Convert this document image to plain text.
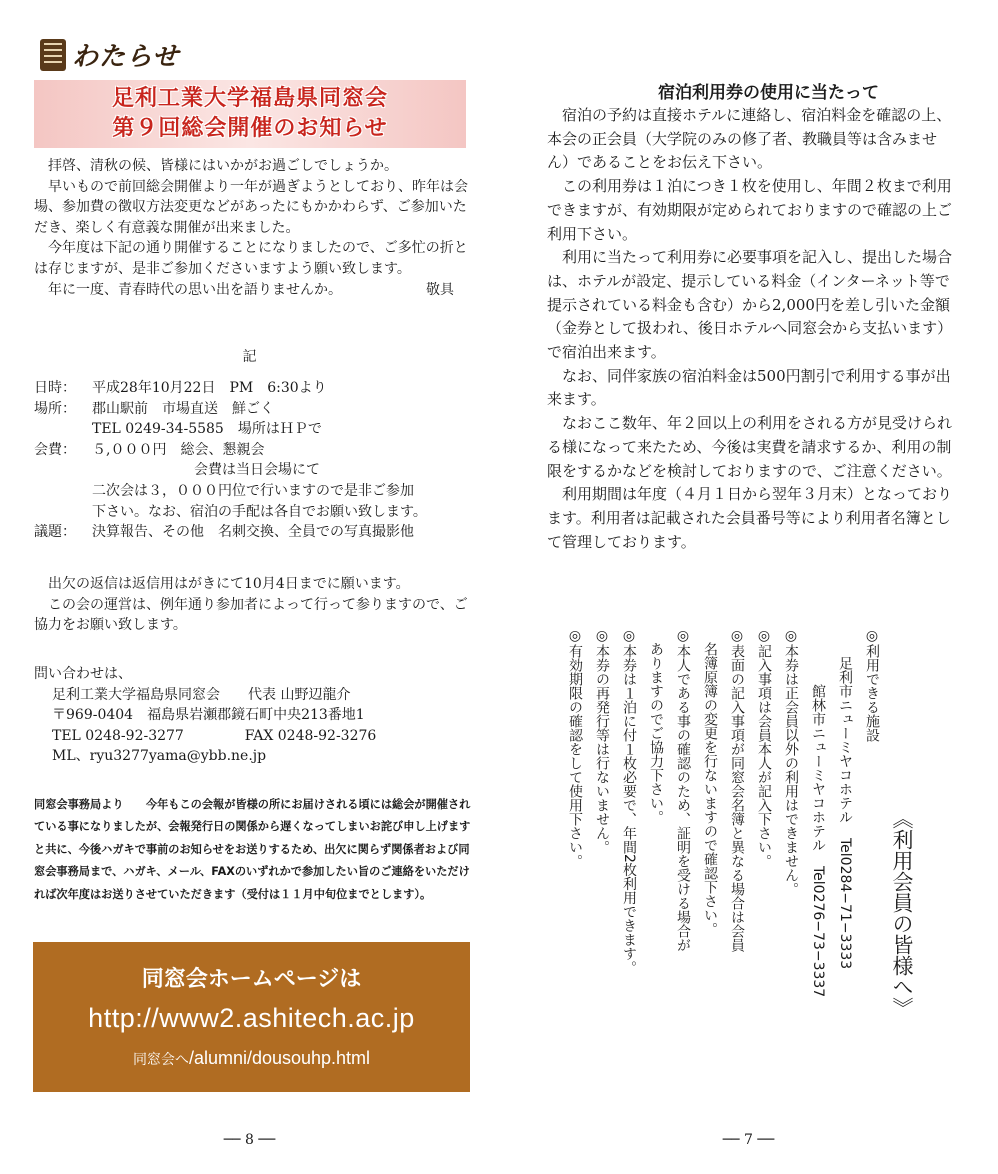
わたらせ
足利工業大学福島県同窓会
第９回総会開催のお知らせ

拝啓、清秋の候、皆様にはいかがお過ごしでしょうか。

早いもので前回総会開催より一年が過ぎようとしており、昨年は会場、参加費の徴収方法変更などがあったにもかかわらず、ご参加いただき、楽しく有意義な開催が出来ました。

今年度は下記の通り開催することになりましたので、ご多忙の折とは存じますが、是非ご参加くださいますよう願い致します。

年に一度、青春時代の思い出を語りませんか。	敬具

記
日時：	平成28年10月22日　PM　6:30より
場所：	郡山駅前　市場直送　鮮ごく
TEL 0249-34-5585　場所はＨＰで
会費：	５,０００円　総会、懇親会
会費は当日会場にて
二次会は３，０００円位で行いますので是非ご参加
下さい。なお、宿泊の手配は各自でお願い致します。
議題：	決算報告、その他　名刺交換、全員での写真撮影他

出欠の返信は返信用はがきにて10月4日までに願います。

この会の運営は、例年通り参加者によって行って参りますので、ご協力をお願い致します。

問い合わせは、

足利工業大学福島県同窓会　　代表 山野辺龍介

〒969-0404　福島県岩瀬郡鏡石町中央213番地1

TEL 0248-92-3277	FAX 0248-92-3276

ML、ryu3277yama@ybb.ne.jp

同窓会事務局より　　今年もこの会報が皆様の所にお届けされる頃には総会が開催されている事になりましたが、会報発行日の関係から遅くなってしまいお詫び申し上げますと共に、今後ハガキで事前のお知らせをお送りするため、出欠に関らず関係者および同窓会事務局まで、ハガキ、メール、FAXのいずれかで参加したい旨のご連絡をいただければ次年度はお送りさせていただきます（受付は１１月中旬位までとします）。
同窓会ホームページは
http://www2.ashitech.ac.jp
同窓会へ/alumni/dousouhp.html
── 8 ──
宿泊利用券の使用に当たって

宿泊の予約は直接ホテルに連絡し、宿泊料金を確認の上、本会の正会員（大学院のみの修了者、教職員等は含みません）であることをお伝え下さい。

この利用券は１泊につき１枚を使用し、年間２枚まで利用できますが、有効期限が定められておりますので確認の上ご利用下さい。

利用に当たって利用券に必要事項を記入し、提出した場合は、ホテルが設定、提示している料金（インターネット等で提示されている料金も含む）から2,000円を差し引いた金額（金券として扱われ、後日ホテルへ同窓会から支払います）で宿泊出来ます。

なお、同伴家族の宿泊料金は500円割引で利用する事が出来ます。

なおここ数年、年２回以上の利用をされる方が見受けられる様になって来たため、今後は実費を請求するか、利用の制限をするかなどを検討しておりますので、ご注意ください。

利用期間は年度（４月１日から翌年３月末）となっております。利用者は記載された会員番号等により利用者名簿として管理しております。

《利用会員の皆様へ》
◎利用できる施設
足利市ニューミヤコホテル　Tel0284−71−3333
館林市ニューミヤコホテル　Tel0276−73−3337
◎本券は正会員以外の利用はできません。
◎記入事項は会員本人が記入下さい。
◎表面の記入事項が同窓会名簿と異なる場合は会員
名簿原簿の変更を行ないますので確認下さい。
◎本人である事の確認のため、証明を受ける場合が
ありますのでご協力下さい。
◎本券は１泊に付１枚必要で、年間2枚利用できます。
◎本券の再発行等は行ないません。
◎有効期限の確認をして使用下さい。
── 7 ──
